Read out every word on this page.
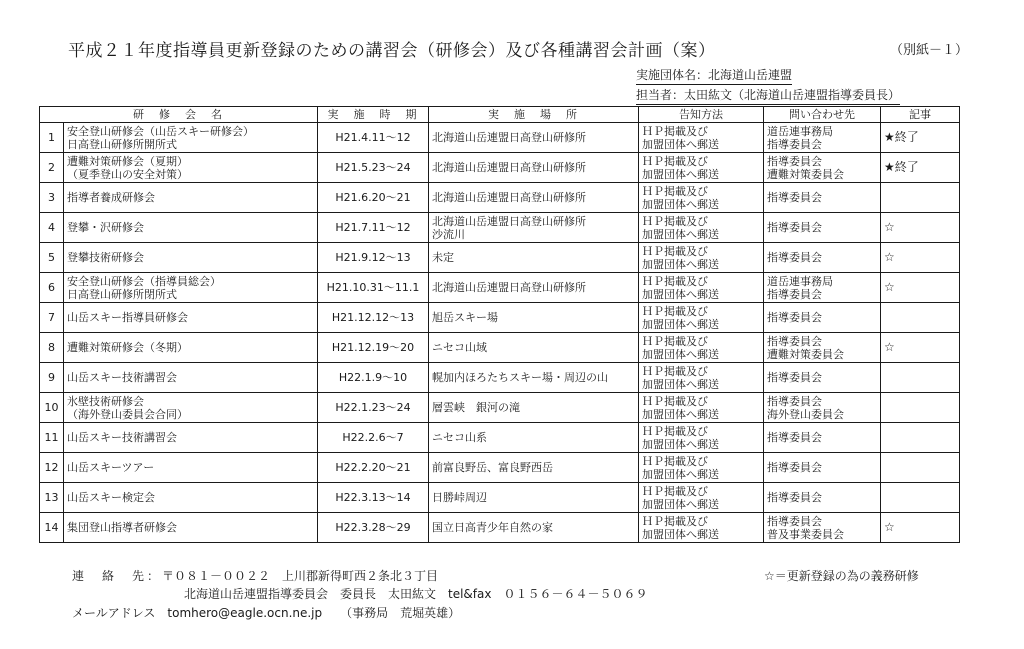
平成２１年度指導員更新登録のための講習会（研修会）及び各種講習会計画（案）	（別紙－１）
実施団体名：北海道山岳連盟
担当者：太田紘文（北海道山岳連盟指導委員長）
研　修　会　名		実　施　時　期	実　施　場　所	告知方法	問い合わせ先	記事
1	安全登山研修会（山岳スキー研修会）
日高登山研修所開所式	H21.4.11～12	北海道山岳連盟日高登山研修所	ＨＰ掲載及び
加盟団体へ郵送	道岳連事務局
指導委員会	★終了
2	遭難対策研修会（夏期）
（夏季登山の安全対策）	H21.5.23～24	北海道山岳連盟日高登山研修所	ＨＰ掲載及び
加盟団体へ郵送	指導委員会
遭難対策委員会	★終了
3	指導者養成研修会	H21.6.20～21	北海道山岳連盟日高登山研修所	ＨＰ掲載及び
加盟団体へ郵送	指導委員会	

4	登攀・沢研修会	H21.7.11～12	北海道山岳連盟日高登山研修所
沙流川	ＨＰ掲載及び
加盟団体へ郵送	指導委員会	☆
5	登攀技術研修会	H21.9.12～13	未定	ＨＰ掲載及び
加盟団体へ郵送	指導委員会	☆
6	安全登山研修会（指導員総会）
日高登山研修所閉所式	H21.10.31～11.1	北海道山岳連盟日高登山研修所	ＨＰ掲載及び
加盟団体へ郵送	道岳連事務局
指導委員会	☆
7	山岳スキー指導員研修会	H21.12.12～13	旭岳スキー場	ＨＰ掲載及び
加盟団体へ郵送	指導委員会	

8	遭難対策研修会（冬期）	H21.12.19～20	ニセコ山域	ＨＰ掲載及び
加盟団体へ郵送	指導委員会
遭難対策委員会	☆
9	山岳スキー技術講習会	H22.1.9～10	幌加内ほろたちスキー場・周辺の山	ＨＰ掲載及び
加盟団体へ郵送	指導委員会	

10	氷壁技術研修会
（海外登山委員会合同）	H22.1.23～24	層雲峡　銀河の滝	ＨＰ掲載及び
加盟団体へ郵送	指導委員会
海外登山委員会	

11	山岳スキー技術講習会	H22.2.6～7	ニセコ山系	ＨＰ掲載及び
加盟団体へ郵送	指導委員会	

12	山岳スキーツアー	H22.2.20～21	前富良野岳、富良野西岳	ＨＰ掲載及び
加盟団体へ郵送	指導委員会	

13	山岳スキー検定会	H22.3.13～14	日勝峠周辺	ＨＰ掲載及び
加盟団体へ郵送	指導委員会	

14	集団登山指導者研修会	H22.3.28～29	国立日高青少年自然の家	ＨＰ掲載及び
加盟団体へ郵送	指導委員会
普及事業委員会	☆
連　絡　先：〒０８１－００２２　上川郡新得町西２条北３丁目
北海道山岳連盟指導委員会　委員長　太田紘文　tel&fax　０１５６－６４－５０６９
メールアドレス　tomhero@eagle.ocn.ne.jp　　（事務局　荒堀英雄）
☆＝更新登録の為の義務研修
